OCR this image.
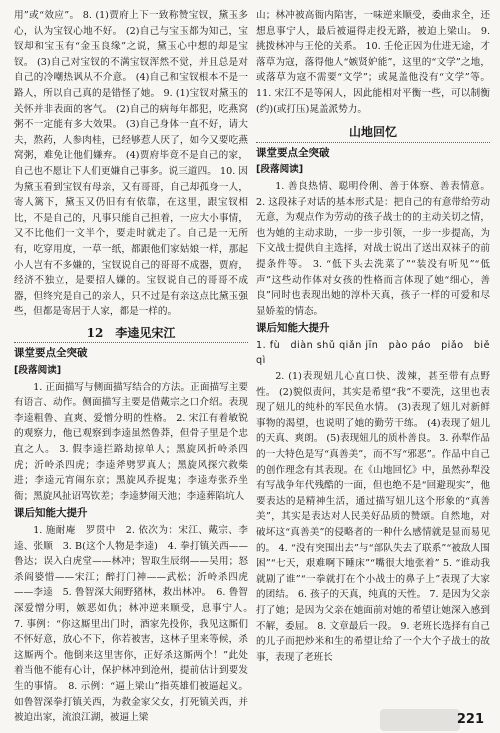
用”或“效应”。 8. (1)贾府上下一致称赞宝钗，黛玉多心，认为宝钗心地不好。 (2)自己与宝玉都为知己，宝钗却和宝玉有“金玉良缘”之说，黛玉心中想的却是宝钗。 (3)自己对宝钗的不满宝钗浑然不觉，并且总是对自己的冷嘲热讽从不介意。 (4)自己和宝钗根本不是一路人，所以自己真的是错怪了她。 9. (1)宝钗对黛玉的关怀并非表面的客气。 (2)自己的病每年都犯，吃燕窝粥不一定能有多大效果。 (3)自己身体一直不好，请大夫，熬药，人参肉桂，已经够惹人厌了，如今又要吃燕窝粥，难免让他们嫌弃。 (4)贾府毕竟不是自己的家，自己也不愿让下人们更嫌自己事多。说三道四。 10. 因为黛玉看到宝钗有母亲，又有哥哥，自己却孤身一人，寄人篱下，黛玉又仍旧有有依靠，在这里，跟宝钗相比，不是自己的，凡事只能自己担着，一应大小事情，又不比他们一文半个，要走时就走了。自己是一无所有，吃穿用度，一草一纸，都跟他们家姑娘一样，那起小人岂有不多嫌的，宝钗说自己的哥哥不成器，贾府，经济不独立，是要招人嫌的。宝钗说自己的哥哥不成器，但终究是自己的亲人，只不过是有亲这点比黛玉强些，但都是寄居于人家，都是一样的。

12　李逵见宋江
课堂要点全突破
[段落阅读]

1. 正面描写与侧面描写结合的方法。正面描写主要有语言、动作。侧面描写主要是借戴宗之口介绍。表现李逵粗鲁、直爽、爱憎分明的性格。 2. 宋江有着敏锐的观察力，他已观察到李逵虽然鲁莽，但骨子里是个忠直之人。 3. 假李逵拦路劫掠单人；黑旋风折岭杀四虎；沂岭杀四虎；李逵斧劈罗真人；黑旋风探穴救柴进；李逵元宵闹东京；黑旋风乔捉鬼；李逵寿张乔坐衙；黑旋风扯诏骂钦差；李逵梦闹天池；李逵葬陷坑人

课后知能大提升

1. 施耐庵　罗贯中　2. 依次为：宋江、戴宗、李逵、张顺　3. B(这个人物是李逵)　4. 拳打镇关西——鲁达；误入白虎堂——林冲；智取生辰纲——吴用；怒杀阎婆惜——宋江；醉打门神——武松；沂岭杀四虎——李逵　5. 鲁智深大闹野猪林，救出林冲。　6. 鲁智深爱憎分明，嫉恶如仇；林冲逆来顺受，息事宁人。　7. 事例：“你这厮里出门时，酒家先投你，我见这厮们不怀好意，放心不下，你若被害，这林子里来等候，杀这厮两个。他倒来这里害你，正好杀这厮两个！”此处着当他不能有心计，保护林冲到沧州，提前估计到要发生的事情。　8. 示例：“逼上梁山”指英雄们被逼起义。如鲁智深拳打镇关西，为救金家父女，打死镇关西，并被迫出家，流浪江湖，被逼上梁

山；林冲被高衙内陷害，一味逆来顺受，委曲求全，还想息事宁人，最后被逼得走投无路，被迫上梁山。 9. 挑拨林冲与王伦的关系。 10. 壬伦正因为仕进无途，才落草为寇，落得他人“嫉贤妒能”，这里的“文学”之地，或落草为寇不需要“文学”；或晁盖他没有“文学”等。 11. 宋江不是等闲人，因此能相对平衡一些，可以制衡(约)(或打压)晁盖派势力。

山地回忆
课堂要点全突破
[段落阅读]

1. 善良热情、聪明伶俐、善于体察、善表情意。 2. 这段袜子对话的基本形式是：把自己的有意带给劳动无意，为观点作为劳动的孩子战士的的主动关切之情，也为她的主动求助，一步一步引领，一步一步提高，为下文战士提供自主选择，对战士说出了送出双袜子的前提条件等。 3. “低下头去洗菜了”“装没有听见”“低声”这些动作体对女孩的性格而言体现了她“细心，善良”同时也表现出她的淳朴天真，孩子一样的可爱和尽显娇羞的情态。

课后知能大提升

1. fù　diàn shǔ qiǎn jīn　pào páo　piǎo　biě　qì

2. (1)表现妞儿心直口快、泼辣，甚至带有点野性。 (2)貌似责问，其实是希望“我”不要洗，这里也表现了妞儿的纯朴的军民鱼水情。 (3)表现了妞儿对新鲜事物的渴望，也说明了她的勤劳干练。 (4)表现了妞儿的天真、爽朗。 (5)表现妞儿的质朴善良。 3. 孙犁作品的一大特色是写“真善美”，而不写“邪恶”。作品中自己的创作理念有其表现。在《山地回忆》中，虽然孙犁没有写战争年代残酷的一面，但也绝不是“回避现实”，他要表达的是精神生活，通过描写妞儿这个形象的“真善美”，其实是表达对人民美好品质的赞颂。自然地，对破坏这“真善美”的侵略者的一种什么感情就是显而易见的。 4. “没有突围出去”与“部队失去了联系”“被敌人围困”“七天，艰难啊下睡床”“嘴很大地张着” 5. “谁动我就剧了谁”“一拳就打在个小战士的鼻子上”表现了大家的团结。 6. 孩子的天真，纯真的天性。 7. 是因为父亲打了她；是因为父亲在她面前对她的希望让她深入感到不解，委屈。 8. 文章最后一段。 9. 老班长选择有自己的儿子而把炒米和生的希望让给了一个大个子战士的故事，表现了老班长

221
